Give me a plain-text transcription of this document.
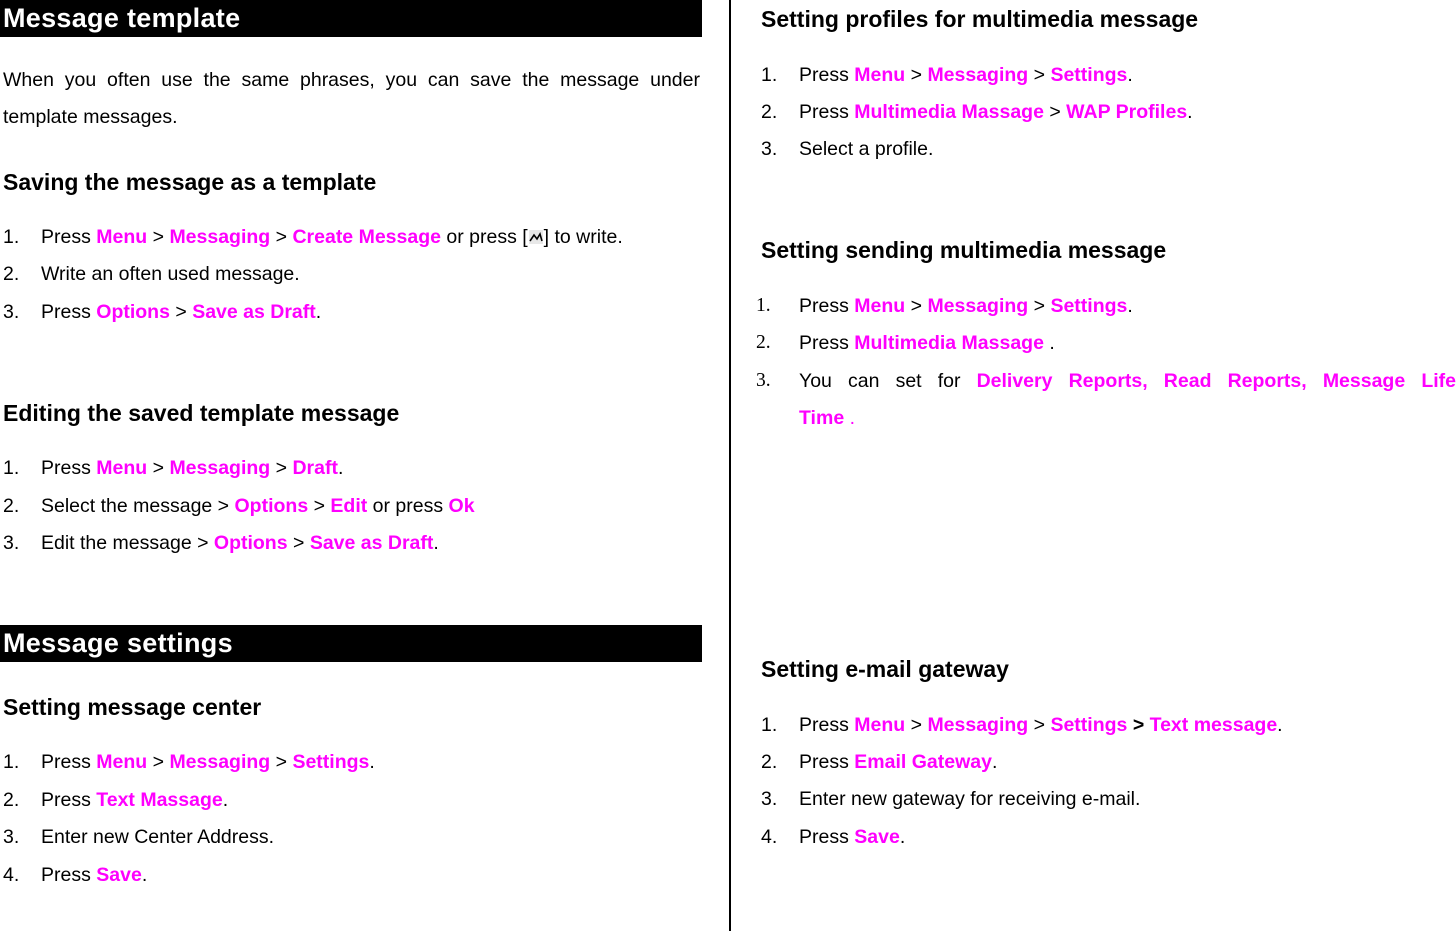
Message template
When you often use the same phrases, you can save the message under template messages.
Saving the message as a template
1. Press Menu > Messaging > Create Message or press [ ] to write.
2. Write an often used message.
3. Press Options > Save as Draft.
Editing the saved template message
1. Press Menu > Messaging > Draft.
2. Select the message > Options > Edit or press Ok
3. Edit the message > Options > Save as Draft.
Message settings
Setting message center
1. Press Menu > Messaging > Settings.
2. Press Text Massage.
3. Enter new Center Address.
4. Press Save.
Setting profiles for multimedia message
1. Press Menu > Messaging > Settings.
2. Press Multimedia Massage > WAP Profiles.
3. Select a profile.
Setting sending multimedia message
1. Press Menu > Messaging > Settings.
2. Press Multimedia Massage .
3. You can set for Delivery Reports, Read Reports, Message Life
Time .
Setting e-mail gateway
1. Press Menu > Messaging > Settings > Text message.
2. Press Email Gateway.
3. Enter new gateway for receiving e-mail.
4. Press Save.
